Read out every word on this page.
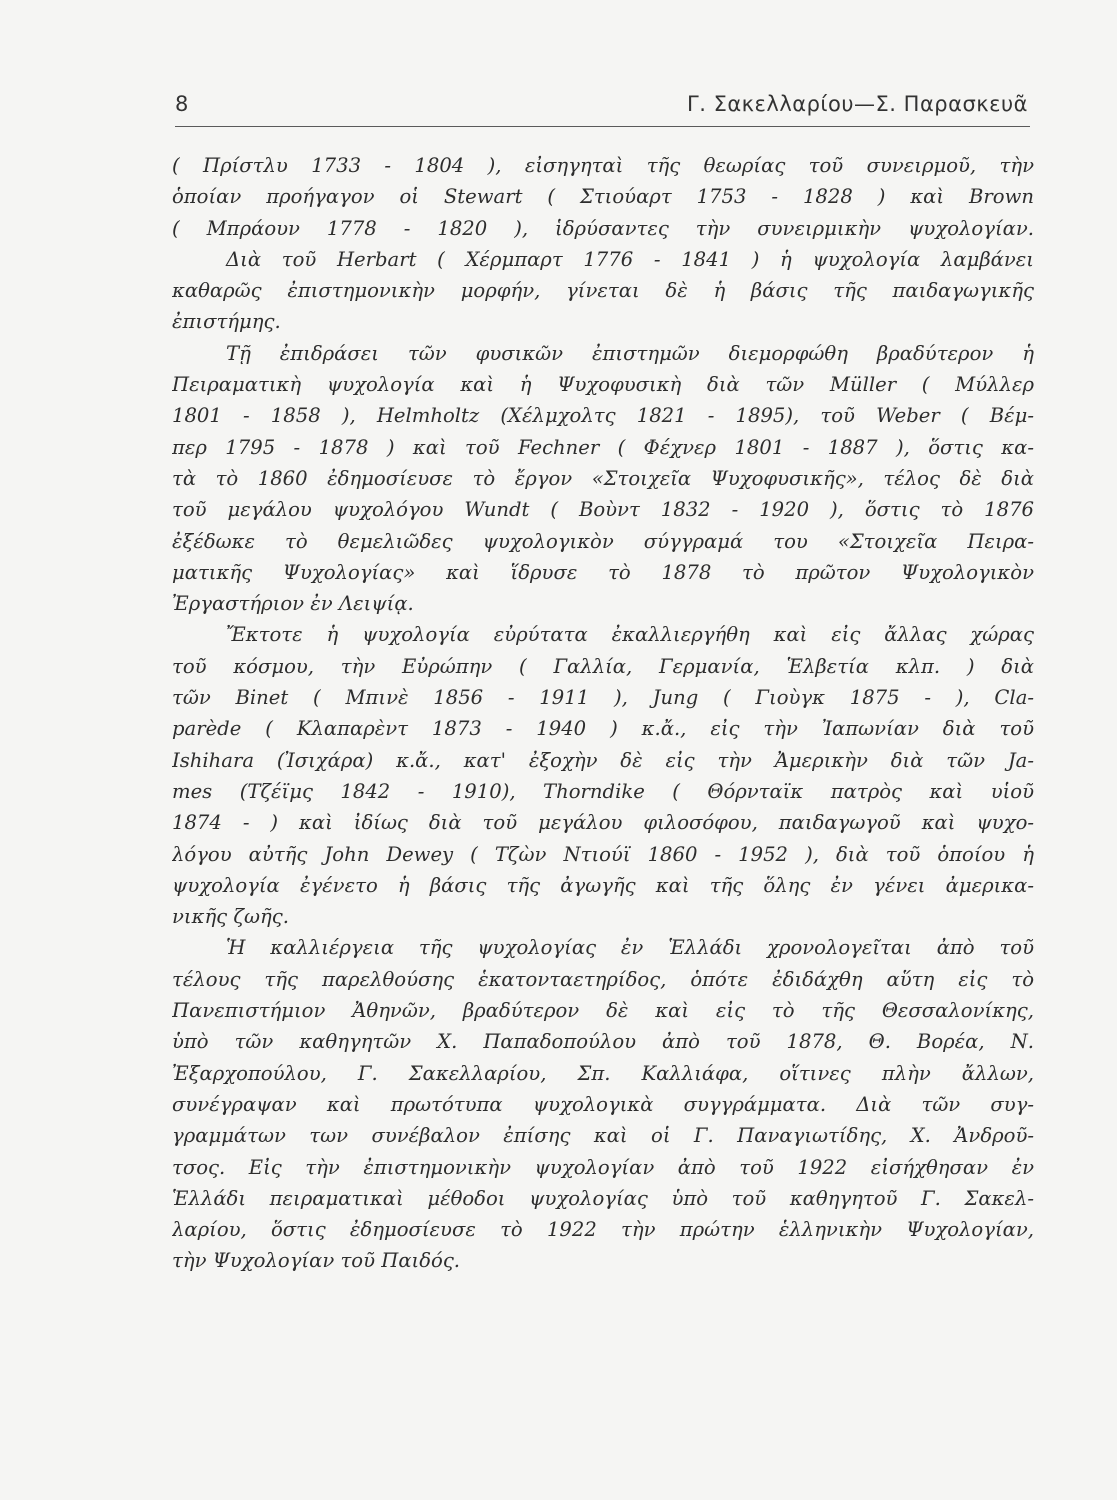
8	Γ. Σακελλαρίου—Σ. Παρασκευᾶ
( Πρίστλυ 1733 - 1804 ), εἰσηγηταὶ τῆς θεωρίας τοῦ συνειρμοῦ, τὴν
ὁποίαν προήγαγον οἱ Stewart ( Στιούαρτ 1753 - 1828 ) καὶ Brown
( Μπράουν 1778 - 1820 ), ἱδρύσαντες τὴν συνειρμικὴν ψυχολογίαν.
Διὰ τοῦ Herbart ( Χέρμπαρτ 1776 - 1841 ) ἡ ψυχολογία λαμβάνει
καθαρῶς ἐπιστημονικὴν μορφήν, γίνεται δὲ ἡ βάσις τῆς παιδαγωγικῆς
ἐπιστήμης.
Τῇ ἐπιδράσει τῶν φυσικῶν ἐπιστημῶν διεμορφώθη βραδύτερον ἡ
Πειραματικὴ ψυχολογία καὶ ἡ Ψυχοφυσικὴ διὰ τῶν Müller ( Μύλλερ
1801 - 1858 ), Helmholtz (Χέλμχολτς 1821 - 1895), τοῦ Weber ( Βέμ-
περ 1795 - 1878 ) καὶ τοῦ Fechner ( Φέχνερ 1801 - 1887 ), ὅστις κα-
τὰ τὸ 1860 ἐδημοσίευσε τὸ ἔργον «Στοιχεῖα Ψυχοφυσικῆς», τέλος δὲ διὰ
τοῦ μεγάλου ψυχολόγου Wundt ( Βοὺντ 1832 - 1920 ), ὅστις τὸ 1876
ἐξέδωκε τὸ θεμελιῶδες ψυχολογικὸν σύγγραμά του «Στοιχεῖα Πειρα-
ματικῆς Ψυχολογίας» καὶ ἵδρυσε τὸ 1878 τὸ πρῶτον Ψυχολογικὸν
Ἐργαστήριον ἐν Λειψίᾳ.
Ἔκτοτε ἡ ψυχολογία εὐρύτατα ἐκαλλιεργήθη καὶ εἰς ἄλλας χώρας
τοῦ κόσμου, τὴν Εὐρώπην ( Γαλλία, Γερμανία, Ἑλβετία κλπ. ) διὰ
τῶν Binet ( Μπινὲ 1856 - 1911 ), Jung ( Γιοὺγκ 1875 - ), Cla-
parède ( Κλαπαρὲντ 1873 - 1940 ) κ.ἄ., εἰς τὴν Ἰαπωνίαν διὰ τοῦ
Ishihara (Ἰσιχάρα) κ.ἄ., κατ' ἐξοχὴν δὲ εἰς τὴν Ἀμερικὴν διὰ τῶν Ja-
mes (Τζέϊμς 1842 - 1910), Thorndike ( Θόρνταϊκ πατρὸς καὶ υἱοῦ
1874 - ) καὶ ἰδίως διὰ τοῦ μεγάλου φιλοσόφου, παιδαγωγοῦ καὶ ψυχο-
λόγου αὐτῆς John Dewey ( Τζὼν Ντιούϊ 1860 - 1952 ), διὰ τοῦ ὁποίου ἡ
ψυχολογία ἐγένετο ἡ βάσις τῆς ἀγωγῆς καὶ τῆς ὅλης ἐν γένει ἀμερικα-
νικῆς ζωῆς.
Ἡ καλλιέργεια τῆς ψυχολογίας ἐν Ἑλλάδι χρονολογεῖται ἀπὸ τοῦ
τέλους τῆς παρελθούσης ἑκατονταετηρίδος, ὁπότε ἐδιδάχθη αὕτη εἰς τὸ
Πανεπιστήμιον Ἀθηνῶν, βραδύτερον δὲ καὶ εἰς τὸ τῆς Θεσσαλονίκης,
ὑπὸ τῶν καθηγητῶν Χ. Παπαδοπούλου ἀπὸ τοῦ 1878, Θ. Βορέα, Ν.
Ἐξαρχοπούλου, Γ. Σακελλαρίου, Σπ. Καλλιάφα, οἵτινες πλὴν ἄλλων,
συνέγραψαν καὶ πρωτότυπα ψυχολογικὰ συγγράμματα. Διὰ τῶν συγ-
γραμμάτων των συνέβαλον ἐπίσης καὶ οἱ Γ. Παναγιωτίδης, Χ. Ἀνδροῦ-
τσος. Εἰς τὴν ἐπιστημονικὴν ψυχολογίαν ἀπὸ τοῦ 1922 εἰσήχθησαν ἐν
Ἑλλάδι πειραματικαὶ μέθοδοι ψυχολογίας ὑπὸ τοῦ καθηγητοῦ Γ. Σακελ-
λαρίου, ὅστις ἐδημοσίευσε τὸ 1922 τὴν πρώτην ἑλληνικὴν Ψυχολογίαν,
τὴν Ψυχολογίαν τοῦ Παιδός.
